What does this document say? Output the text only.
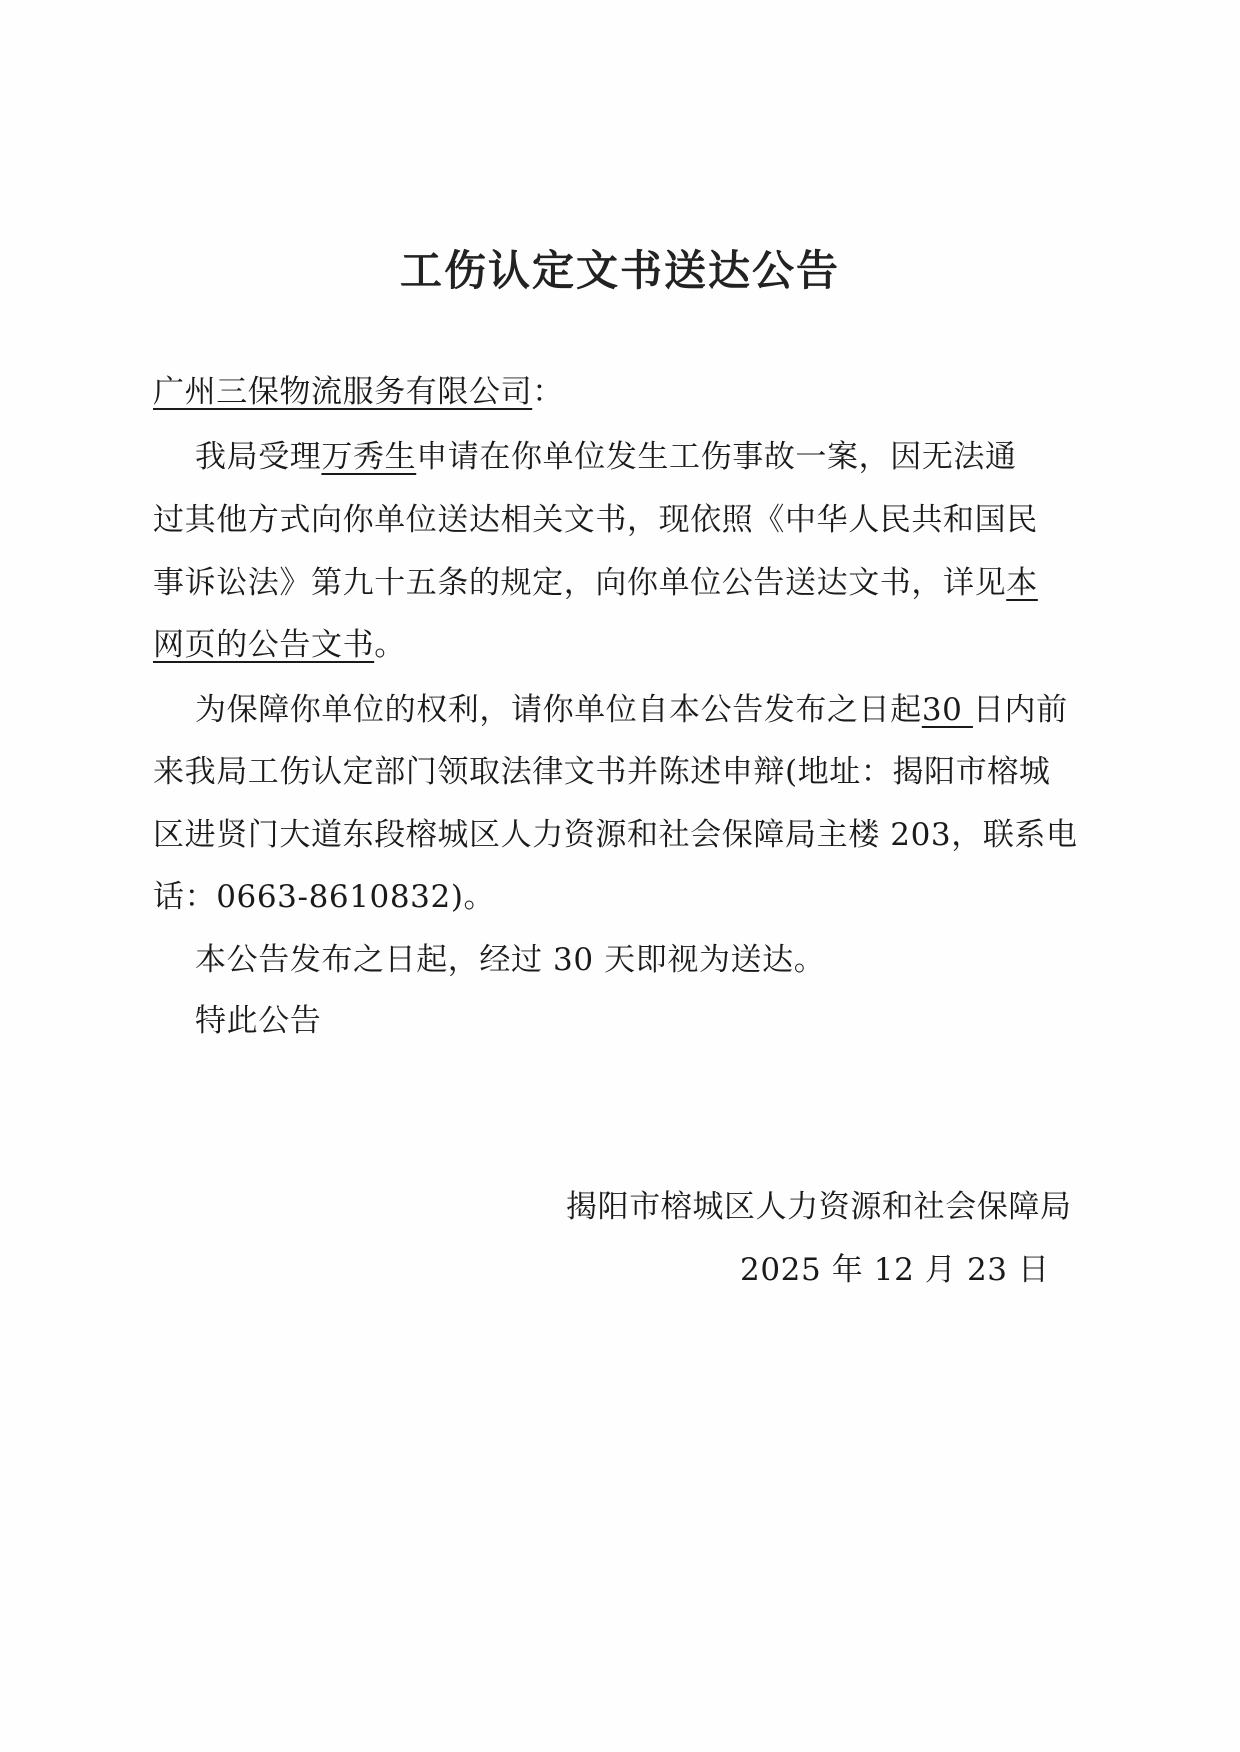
工伤认定文书送达公告
广州三保物流服务有限公司：
我局受理万秀生申请在你单位发生工伤事故一案，因无法通
过其他方式向你单位送达相关文书，现依照《中华人民共和国民
事诉讼法》第九十五条的规定，向你单位公告送达文书，详见本
网页的公告文书。
为保障你单位的权利，请你单位自本公告发布之日起30 日内前
来我局工伤认定部门领取法律文书并陈述申辩(地址：揭阳市榕城
区进贤门大道东段榕城区人力资源和社会保障局主楼 203，联系电
话：0663-8610832)。
本公告发布之日起，经过 30 天即视为送达。
特此公告
揭阳市榕城区人力资源和社会保障局
2025 年 12 月 23 日
